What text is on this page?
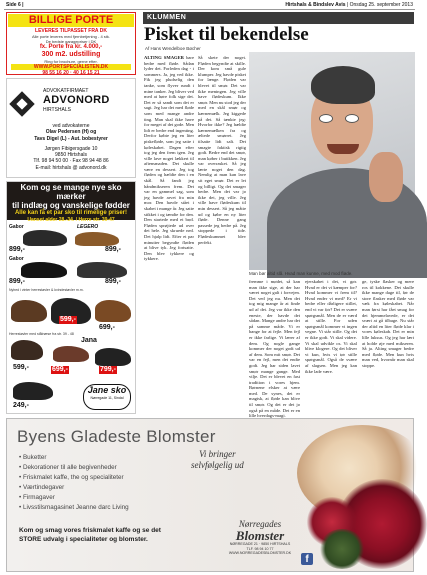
Side 6 |	Hirtshals & Bindslev Avis | Onsdag 25. september 2013
BILLIGE PORTE
LEVERES TILPASSET FRA DK
Alle porte leveres med fjernbetjening - 4 stk.
De bedste garagepriser i DK
fx. Porte fra kr. 4.000,-
300 m2. udstilling
Ring for brochure, gerne efter.
WWW.PORTSPECIALISTEN.DK
98 55 16 20 · 40 16 15 21
ADVOKATFIRMAET
ADVONORD
HIRTSHALS
ved advokaterne
Olav Pedersen (H) og
Tavs Digel (L) - Aut. bobestyrer
Jørgen Fibigersgade 10
9850 Hirtshals
Tlf. 98 94 50 00 · Fax 98 94 48 86
E-mail: hirtshals @ advonord.dk
Kom og se mange nye sko mærker
til indlæg og vanskelige fødder
Alle kan få et par sko til rimelige priser!
Uanset alder 28.-34. / Herre str. 39-47
Gabor
899,-
LEGERO
899,-
Gabor
899,-	899,-
Nyhed i vinter herrestøvler & kvindestøvler m.m.
599,-
699,-
Herrestøvler med stålnæse fra str. 39 - 48
599,-
Jana
699,-	799,-
249,-
Jane sko
Nørregade 11, Sindal
KLUMMEN
Pisket til bekendelse
Af Hans Wendelboe Bøcher
ALTING SMAGER bare bedre med fløde. Sådan lyder det. Forleden dag - i sommers. Ja, jeg ved ikke. Fik jeg pludselig den tanke, som flyver rundt i mine tanker. Jeg bliver ved med at høre folk sige det. Det er så sandt som det er sagt. Jeg har det med fløde som med mange andre ting. Man skal ikke have for meget af det gode. Men lidt er bedre end ingenting. Derfor købte jeg en liter piskefløde, som jeg satte i køleskabet. Dagen efter tog jeg den frem igen. Jeg ville lave noget lækkert til aftensmaden. Det skulle være en dessert. Jeg tog fløden og hældte den i en skål. Så fandt jeg håndmikseren frem. Det var en gammel sag, som jeg havde arvet fra min mor. Den havde stået i skabet i mange år. Jeg satte stikket i og tændte for den. Den startede med et brøl. Fløden sprøjtede ud over det hele. Jeg skruede ned. Det hjalp lidt. Efter et par minutter begyndte fløden at blive tyk. Jeg fortsatte. Den blev tykkere og tykkere.
Så skete der noget. Fløden begyndte at skille. Der kom små gule klumper. Jeg havde pisket for længe. Fløden var blevet til smør. Det var ikke meningen. Jeg ville have flødeskum. Ikke smør. Men nu stod jeg der med en skål smør og kærnemælk. Jeg kiggede på det. Så tænkte jeg: Hvorfor ikke? Jeg hældte kærnemælken fra og æltede smørret. Jeg tilsatte lidt salt. Det smagte faktisk rigtig godt. Bedre end det smør, man køber i butikken. Jeg var overrasket. Så jeg lærte noget den dag. Nemlig at man kan lave sit eget smør. Det er let og billigt. Og det smager bedre. Men det var jo ikke det, jeg ville. Jeg ville have flødeskum til min dessert. Så jeg måtte ud og købe en ny liter fløde. Denne gang passede jeg bedre på. Jeg stoppede i tide. Flødeskummet blev perfekt.
Man bør altid slå. Hvad man kunne, med mod fløde.
fremme i mødet, så kan man ikke sige, at der har været noget galt i forvejen. Det ved jeg nu. Men det tog mig mange år at finde ud af det. Jeg var ikke den eneste, der havde det sådan. Mange andre har det på samme måde. Vi er bange for at fejle. Men fejl er ikke farlige. Vi lærer af dem. Og nogle gange kommer der noget godt ud af dem. Som mit smør. Det var en fejl, men det endte godt. Jeg har siden lavet smør mange gange. Med vilje. Det er blevet en fast tradition i vores hjem. Børnene elsker at være med. De synes, det er magisk, at fløde kan blive til smør. Og det er det jo også på en måde. Det er en lille hverdags-magi.
ejerskabet i det, vi gør. Hvad er det vi kæmper for? Hvad kommer vi frem til? Hvad ender vi med? Er vi bedre eller dårligere stillet, end vi var før? Det er svære spørgsmål. Men de er værd at stille. For uden spørgsmål kommer vi ingen vegne. Vi står stille. Og det er ikke godt. Vi skal videre. Vi skal udvikle os. Vi skal blive klogere. Og det bliver vi kun, hvis vi tør stille spørgsmål. Også de svære af slagsen. Men jeg kan ikke lade være.
ge, tyske flasker og mere ros til kokkene. Det skulle ikke mange dage til, før de store flasker med fløde var væk fra køleskabet. Når man først har fået smag for det hjemmelavede, er det svært at gå tilbage. Nu står der altid en liter fløde klar i vores køleskab. Det er min lille luksus. Og jeg har lært at holde øje med mikseren. Så ja. Alting smager bedre med fløde. Men kun hvis man ved, hvornår man skal stoppe.
Byens Gladeste Blomster
• Buketter
• Dekorationer til alle begivenheder
• Friskmalet kaffe, the og specialiteter
• Værtindegaver
• Firmagaver
• Livsstilsmagasinet Jeanne darc Living
Kom og smag vores friskmalet kaffe og se det STORE udvalg i specialiteter og blomster.
Vi bringer
selvfølgelig ud
Nørregades
Blomster
NØRREGADE 21 · 9850 HIRTSHALS
TLF. 98 94 10 77
WWW.NORREGADESBLOMSTER.DK
f
